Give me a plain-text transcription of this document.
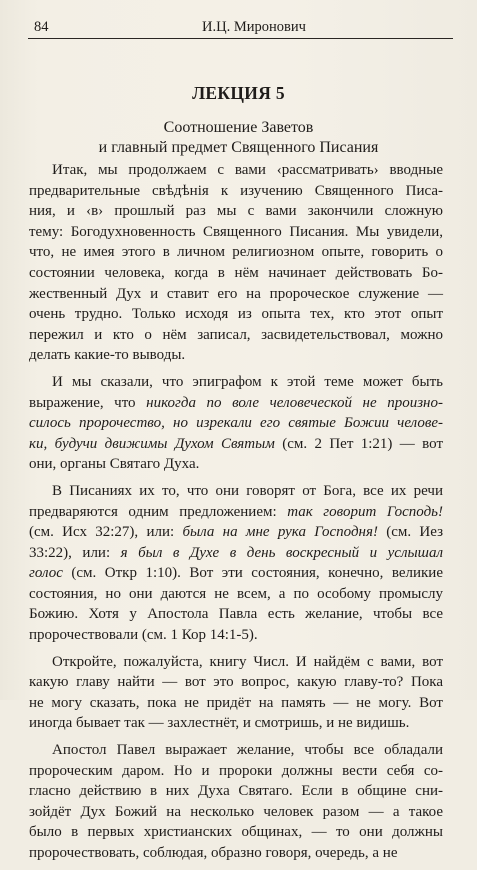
84	И.Ц. Миронович
ЛЕКЦИЯ 5
Соотношение Заветов
и главный предмет Священного Писания
Итак, мы продолжаем с вами ‹рассматривать› вводные
предварительные свѣдѣнія к изучению Священного Писа-
ния, и ‹в› прошлый раз мы с вами закончили сложную
тему: Богодухновенность Священного Писания. Мы увидели,
что, не имея этого в личном религиозном опыте, говорить о
состоянии человека, когда в нём начинает действовать Бо-
жественный Дух и ставит его на пророческое служение —
очень трудно. Только исходя из опыта тех, кто этот опыт
пережил и кто о нём записал, засвидетельствовал, можно
делать какие-то выводы.
И мы сказали, что эпиграфом к этой теме может быть
выражение, что никогда по воле человеческой не произно-
силось пророчество, но изрекали его святые Божии челове-
ки, будучи движимы Духом Святым (см. 2 Пет 1:21) — вот
они, органы Святаго Духа.
В Писаниях их то, что они говорят от Бога, все их речи
предваряются одним предложением: так говорит Господь!
(см. Исх 32:27), или: была на мне рука Господня! (см. Иез
33:22), или: я был в Духе в день воскресный и услышал
голос (см. Откр 1:10). Вот эти состояния, конечно, великие
состояния, но они даются не всем, а по особому промыслу
Божию. Хотя у Апостола Павла есть желание, чтобы все
пророчествовали (см. 1 Кор 14:1-5).
Откройте, пожалуйста, книгу Числ. И найдём с вами, вот
какую главу найти — вот это вопрос, какую главу-то? Пока
не могу сказать, пока не придёт на память — не могу. Вот
иногда бывает так — захлестнёт, и смотришь, и не видишь.
Апостол Павел выражает желание, чтобы все обладали
пророческим даром. Но и пророки должны вести себя со-
гласно действию в них Духа Святаго. Если в общине сни-
зойдёт Дух Божий на несколько человек разом — а такое
было в первых христианских общинах, — то они должны
пророчествовать, соблюдая, образно говоря, очередь, а не
